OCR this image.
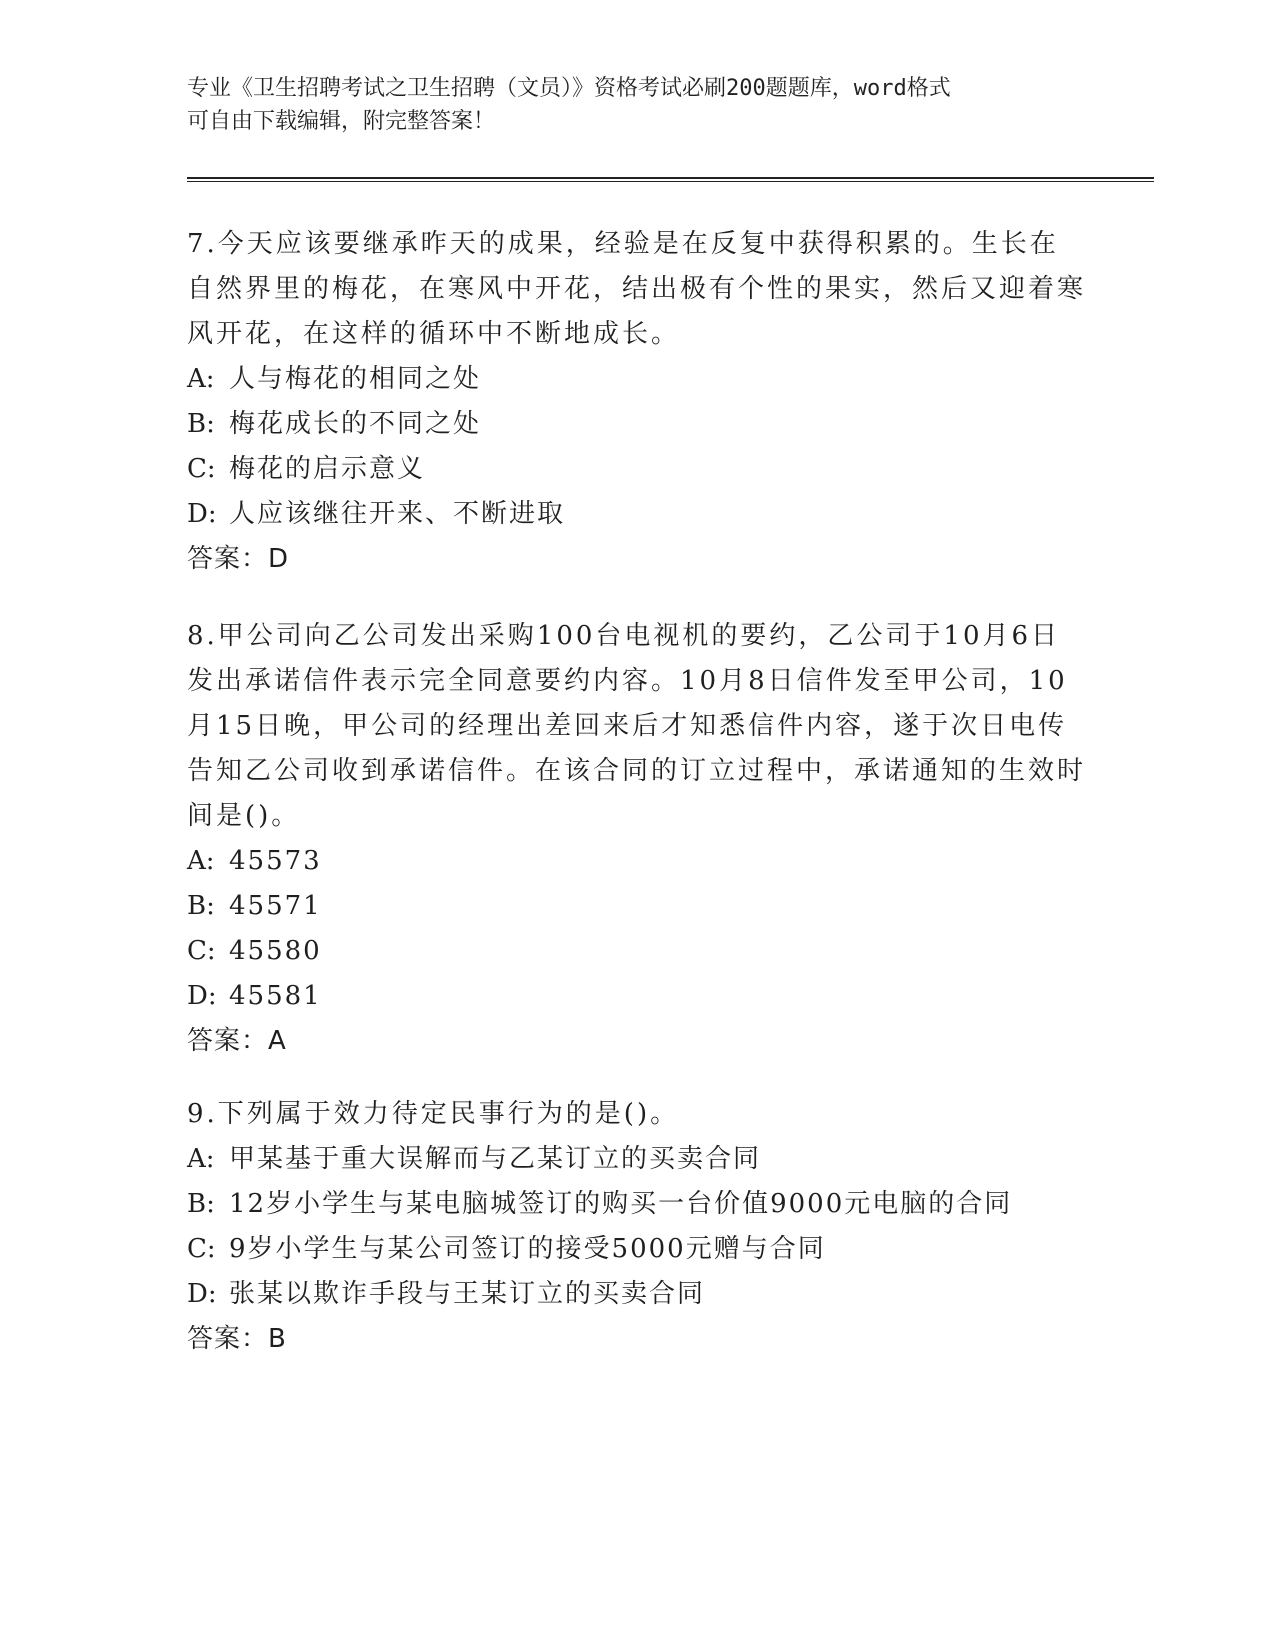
专业《卫生招聘考试之卫生招聘（文员）》资格考试必刷200题题库，word格式
可自由下载编辑，附完整答案！

7.今天应该要继承昨天的成果，经验是在反复中获得积累的。生长在自然界里的梅花，在寒风中开花，结出极有个性的果实，然后又迎着寒风开花，在这样的循环中不断地成长。

A: 人与梅花的相同之处

B: 梅花成长的不同之处

C: 梅花的启示意义

D: 人应该继往开来、不断进取

答案：D

8.甲公司向乙公司发出采购100台电视机的要约，乙公司于10月6日发出承诺信件表示完全同意要约内容。10月8日信件发至甲公司，10月15日晚，甲公司的经理出差回来后才知悉信件内容，遂于次日电传告知乙公司收到承诺信件。在该合同的订立过程中，承诺通知的生效时间是()。

A: 45573

B: 45571

C: 45580

D: 45581

答案：A

9.下列属于效力待定民事行为的是()。

A: 甲某基于重大误解而与乙某订立的买卖合同

B: 12岁小学生与某电脑城签订的购买一台价值9000元电脑的合同

C: 9岁小学生与某公司签订的接受5000元赠与合同

D: 张某以欺诈手段与王某订立的买卖合同

答案：B
